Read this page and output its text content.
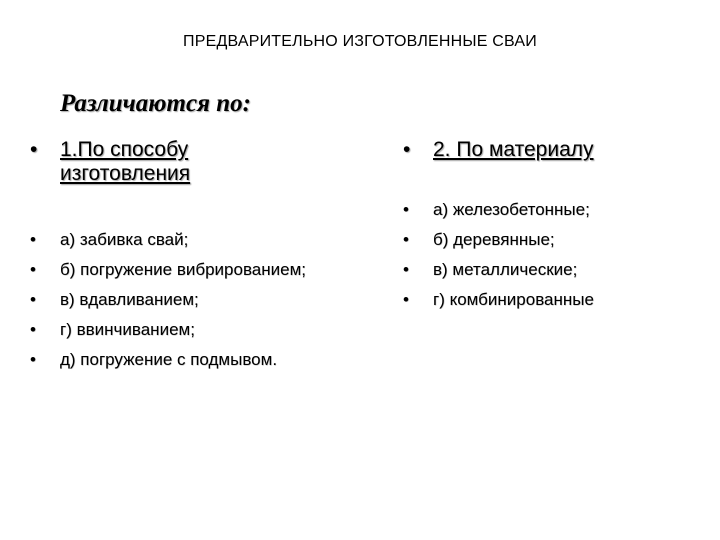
ПРЕДВАРИТЕЛЬНО ИЗГОТОВЛЕННЫЕ СВАИ
Различаются по:
•	1.По способу
изготовления
•	2. По материалу
•	а) забивка свай;
•	б) погружение вибрированием;
•	в) вдавливанием;
•	г) ввинчиванием;
•	д) погружение с подмывом.
•	а) железобетонные;
•	б) деревянные;
•	в) металлические;
•	г) комбинированные
